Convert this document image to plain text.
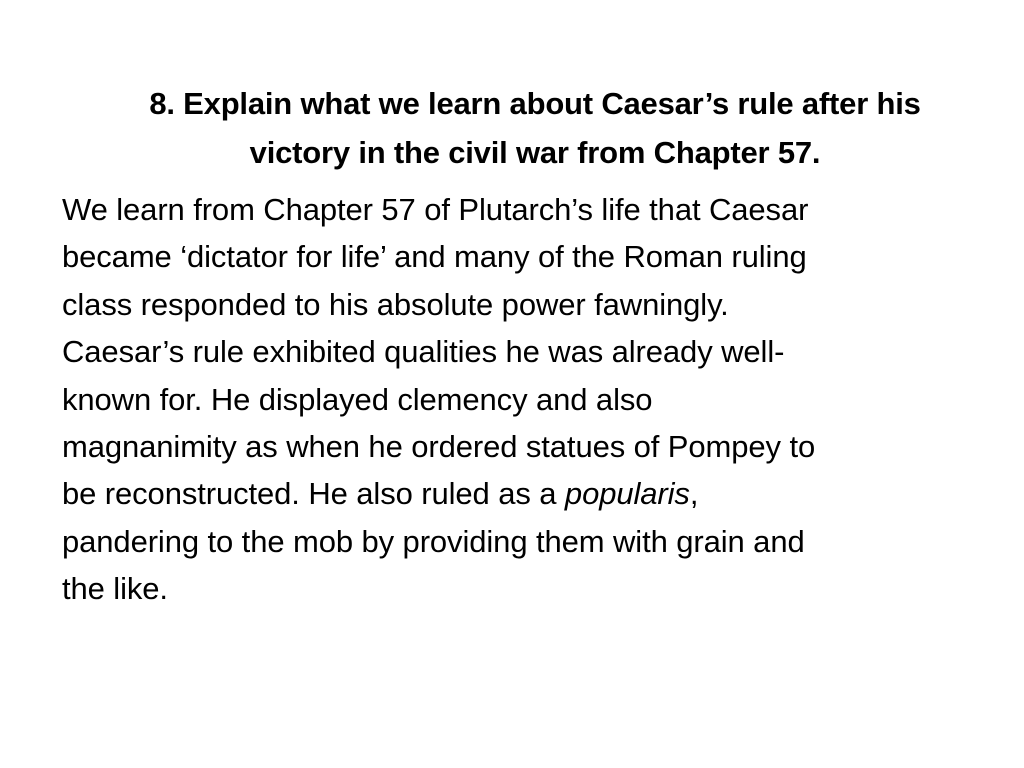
8. Explain what we learn about Caesar’s rule after his
victory in the civil war from Chapter 57.
We learn from Chapter 57 of Plutarch’s life that Caesar
became ‘dictator for life’ and many of the Roman ruling
class responded to his absolute power fawningly.
Caesar’s rule exhibited qualities he was already well-
known for. He displayed clemency and also
magnanimity as when he ordered statues of Pompey to
be reconstructed. He also ruled as a popularis,
pandering to the mob by providing them with grain and
the like.
